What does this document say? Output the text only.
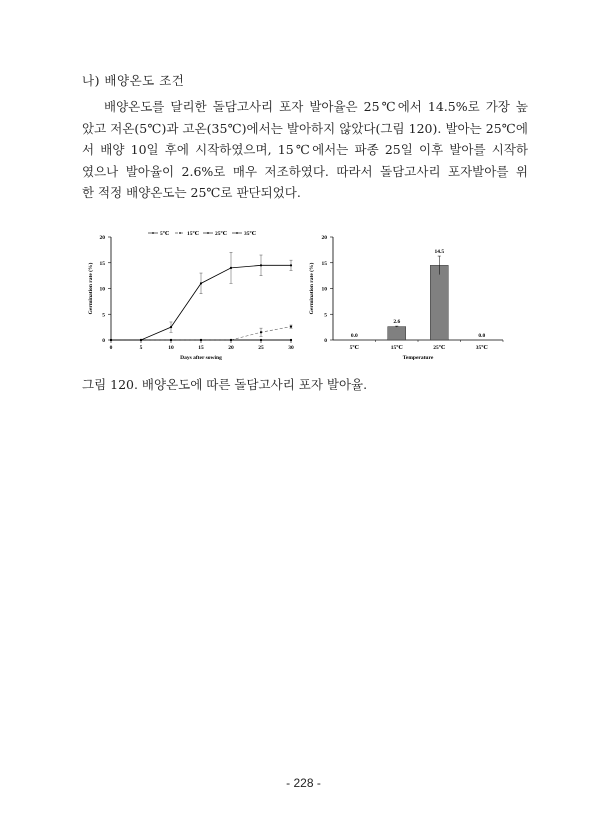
나) 배양온도 조건
배양온도를 달리한 돌담고사리 포자 발아율은 25℃에서 14.5%로 가장 높
았고 저온(5℃)과 고온(35℃)에서는 발아하지 않았다(그림 120). 발아는 25℃에
서 배양 10일 후에 시작하였으며, 15℃에서는 파종 25일 이후 발아를 시작하
였으나 발아율이 2.6%로 매우 저조하였다. 따라서 돌담고사리 포자발아를 위
한 적정 배양온도는 25℃로 판단되었다.
0
5
10
15
20
0	5	10	15	20	25	30
Days after sowing
Germination rate (%)
5℃	15℃	25℃	35℃
0
5
10
15
20
0.0
5℃
2.6
15℃
14.5
25℃
0.0
35℃
Temperature
Germination rate (%)
그림 120. 배양온도에 따른 돌담고사리 포자 발아율.
- 228 -
